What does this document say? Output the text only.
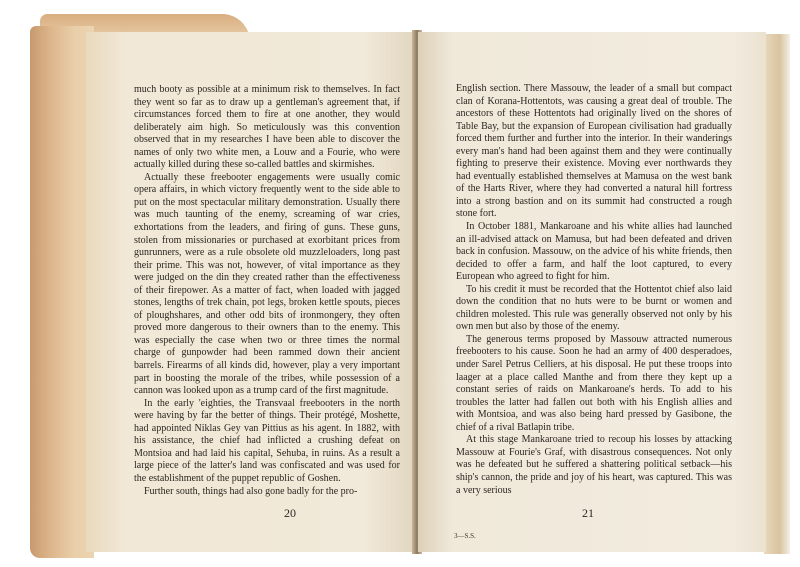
much booty as possible at a minimum risk to themselves. In fact they went so far as to draw up a gentleman's agreement that, if circumstances forced them to fire at one another, they would deliberately aim high. So meticulously was this convention observed that in my researches I have been able to discover the names of only two white men, a Louw and a Fourie, who were actually killed during these so-called battles and skirmishes.

Actually these freebooter engagements were usually comic opera affairs, in which victory frequently went to the side able to put on the most spectacular military demonstration. Usually there was much taunting of the enemy, screaming of war cries, exhortations from the leaders, and firing of guns. These guns, stolen from missionaries or purchased at exorbitant prices from gunrunners, were as a rule obsolete old muzzleloaders, long past their prime. This was not, however, of vital importance as they were judged on the din they created rather than the effectiveness of their firepower. As a matter of fact, when loaded with jagged stones, lengths of trek chain, pot legs, broken kettle spouts, pieces of ploughshares, and other odd bits of ironmongery, they often proved more dangerous to their owners than to the enemy. This was especially the case when two or three times the normal charge of gunpowder had been rammed down their ancient barrels. Firearms of all kinds did, however, play a very important part in boosting the morale of the tribes, while possession of a cannon was looked upon as a trump card of the first magnitude.

In the early 'eighties, the Transvaal freebooters in the north were having by far the better of things. Their protégé, Moshette, had appointed Niklas Gey van Pittius as his agent. In 1882, with his assistance, the chief had inflicted a crushing defeat on Montsioa and had laid his capital, Sehuba, in ruins. As a result a large piece of the latter's land was confiscated and was used for the establishment of the puppet republic of Goshen.

Further south, things had also gone badly for the pro-

20

English section. There Massouw, the leader of a small but compact clan of Korana-Hottentots, was causing a great deal of trouble. The ancestors of these Hottentots had originally lived on the shores of Table Bay, but the expansion of European civilisation had gradually forced them further and further into the interior. In their wanderings every man's hand had been against them and they were continually fighting to preserve their existence. Moving ever northwards they had eventually established themselves at Mamusa on the west bank of the Harts River, where they had converted a natural hill fortress into a strong bastion and on its summit had constructed a rough stone fort.

In October 1881, Mankaroane and his white allies had launched an ill-advised attack on Mamusa, but had been defeated and driven back in confusion. Massouw, on the advice of his white friends, then decided to offer a farm, and half the loot captured, to every European who agreed to fight for him.

To his credit it must be recorded that the Hottentot chief also laid down the condition that no huts were to be burnt or women and children molested. This rule was generally observed not only by his own men but also by those of the enemy.

The generous terms proposed by Massouw attracted numerous freebooters to his cause. Soon he had an army of 400 desperadoes, under Sarel Petrus Celliers, at his disposal. He put these troops into laager at a place called Manthe and from there they kept up a constant series of raids on Mankaroane's herds. To add to his troubles the latter had fallen out both with his English allies and with Montsioa, and was also being hard pressed by Gasibone, the chief of a rival Batlapin tribe.

At this stage Mankaroane tried to recoup his losses by attacking Massouw at Fourie's Graf, with disastrous consequences. Not only was he defeated but he suffered a shattering political setback—his ship's cannon, the pride and joy of his heart, was captured. This was a very serious

3—S.S.
21
